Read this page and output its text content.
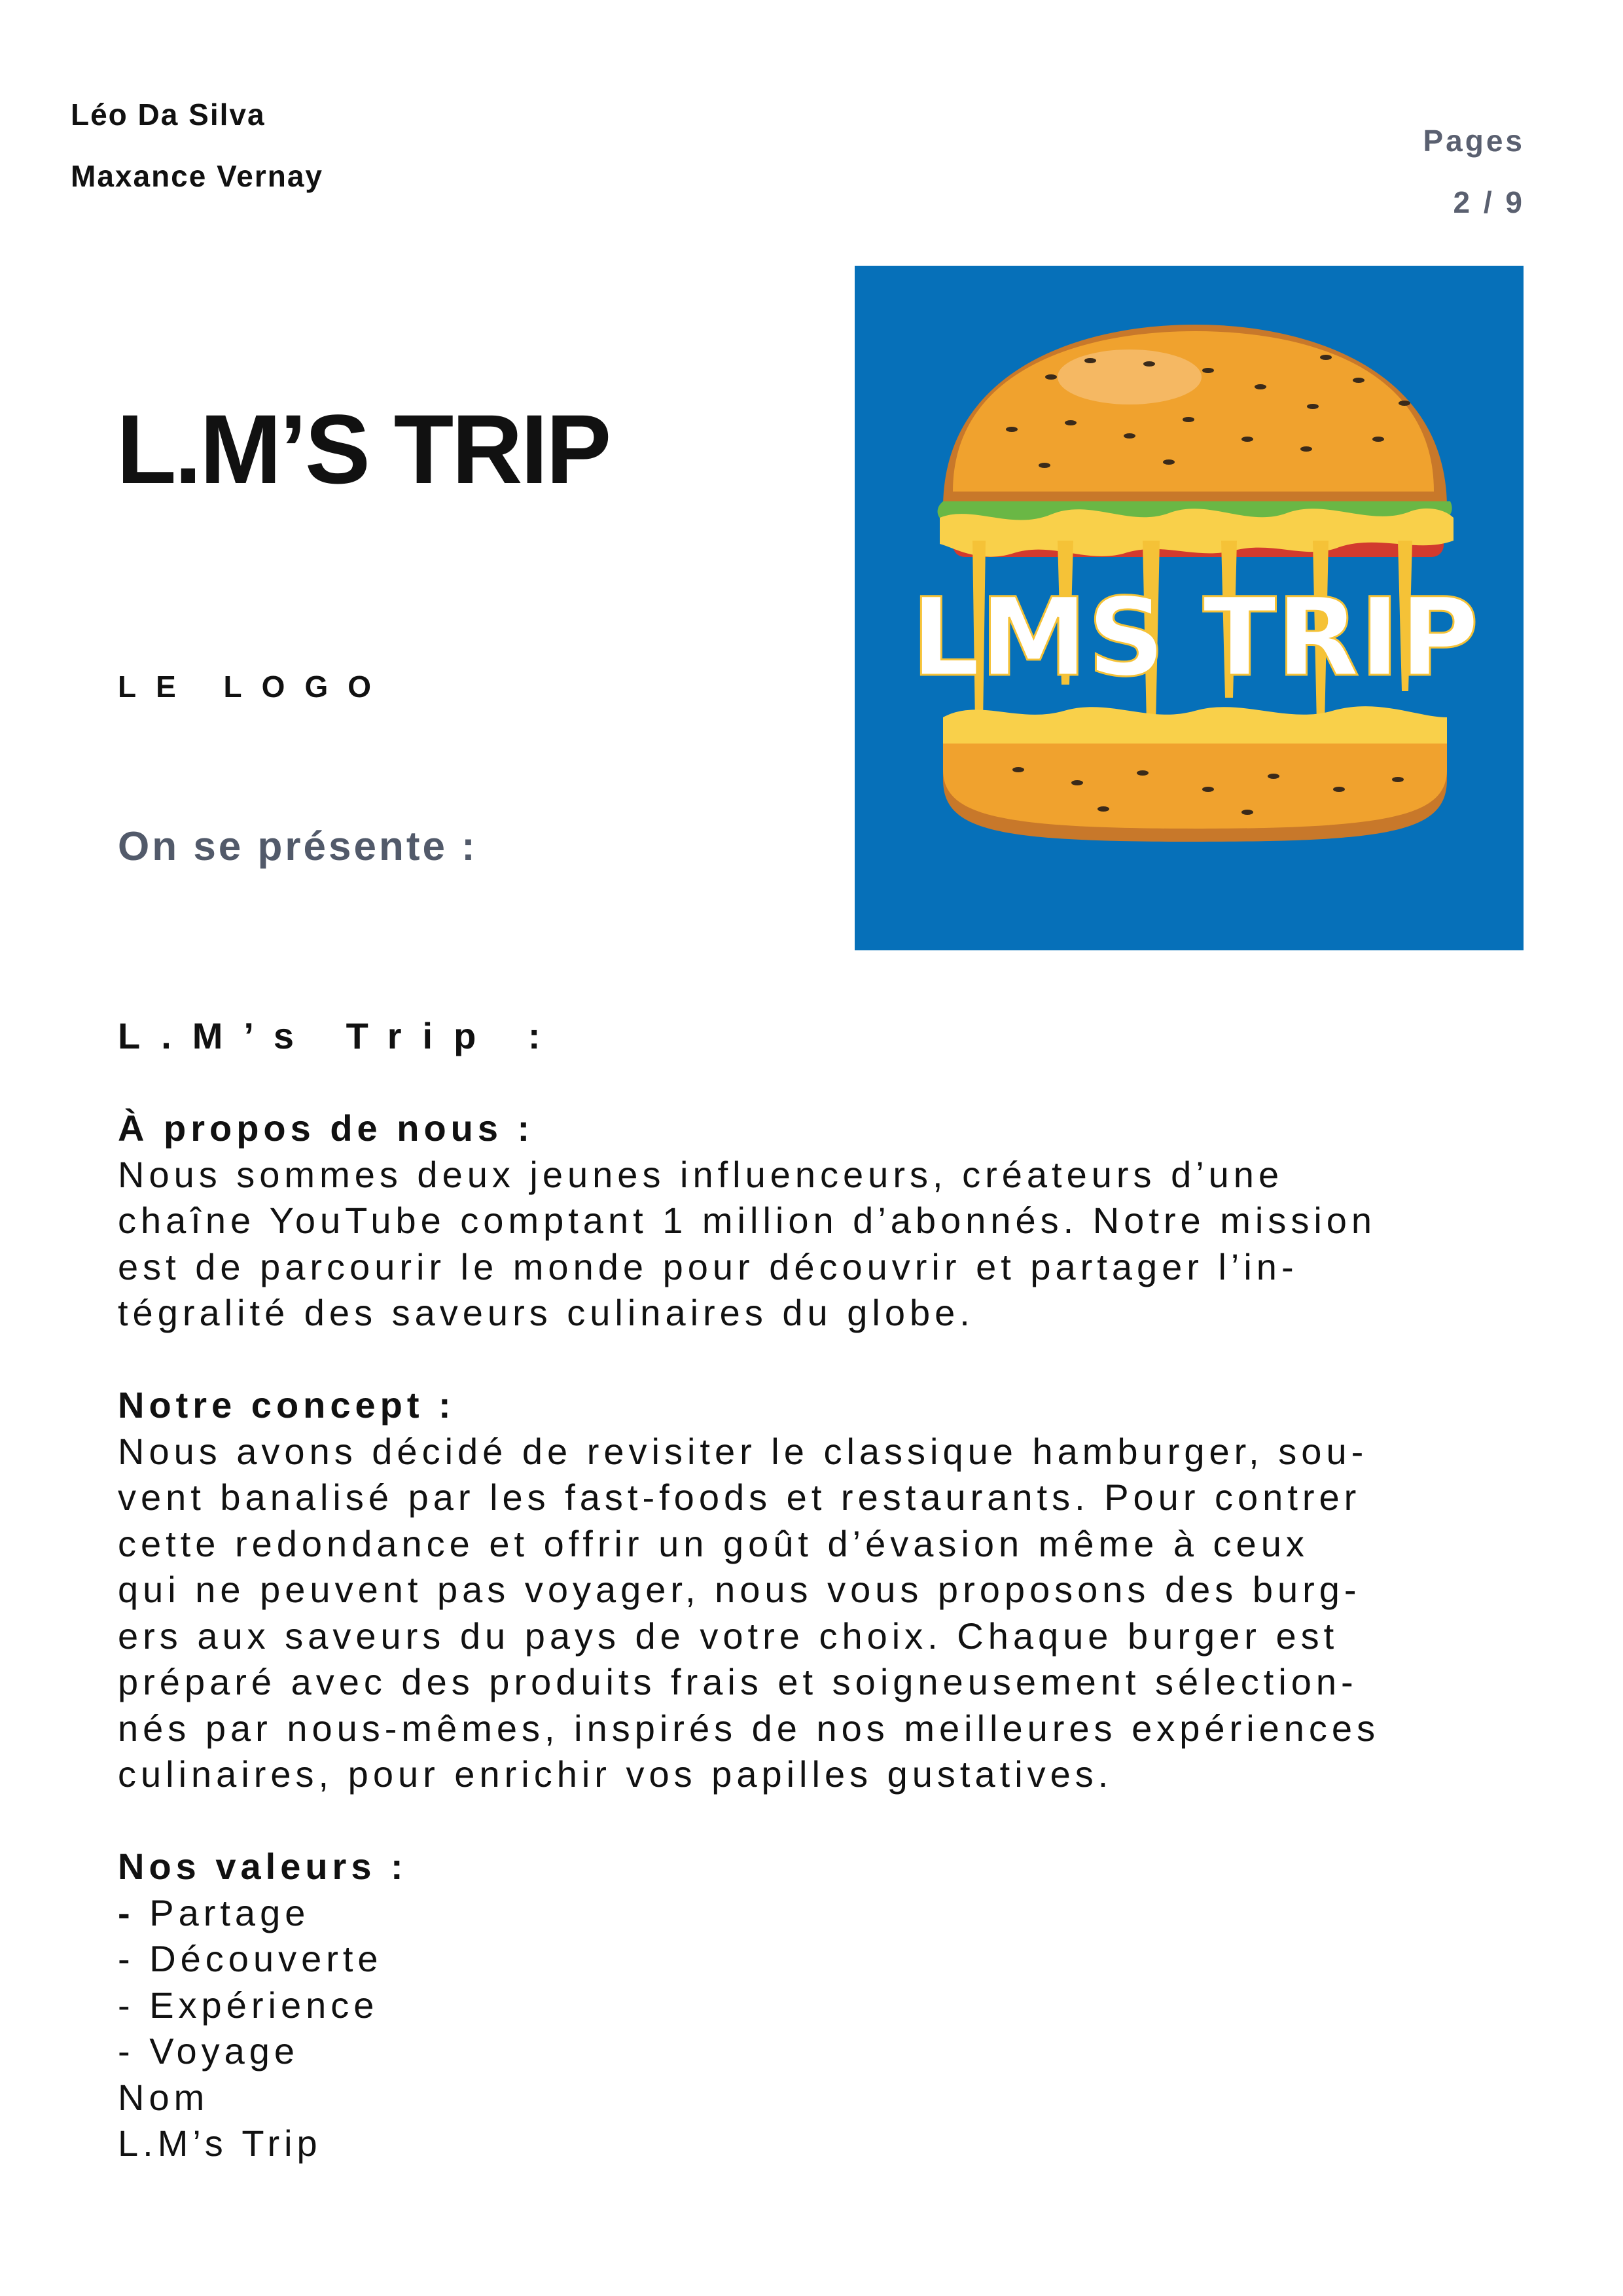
Léo Da Silva
Maxance Vernay
Pages
2 / 9
L.M’S TRIP
LE LOGO
On se présente :
LMS TRIP

L.M’s Trip :

À propos de nous :

Nous sommes deux jeunes influenceurs, créateurs d’une

chaîne YouTube comptant 1 million d’abonnés. Notre mission

est de parcourir le monde pour découvrir et partager l’in-

tégralité des saveurs culinaires du globe.

Notre concept :

Nous avons décidé de revisiter le classique hamburger, sou-

vent banalisé par les fast-foods et restaurants. Pour contrer

cette redondance et offrir un goût d’évasion même à ceux

qui ne peuvent pas voyager, nous vous proposons des burg-

ers aux saveurs du pays de votre choix. Chaque burger est

préparé avec des produits frais et soigneusement sélection-

nés par nous-mêmes, inspirés de nos meilleures expériences

culinaires, pour enrichir vos papilles gustatives.

Nos valeurs :

- Partage

- Découverte

- Expérience

- Voyage

Nom

L.M’s Trip
